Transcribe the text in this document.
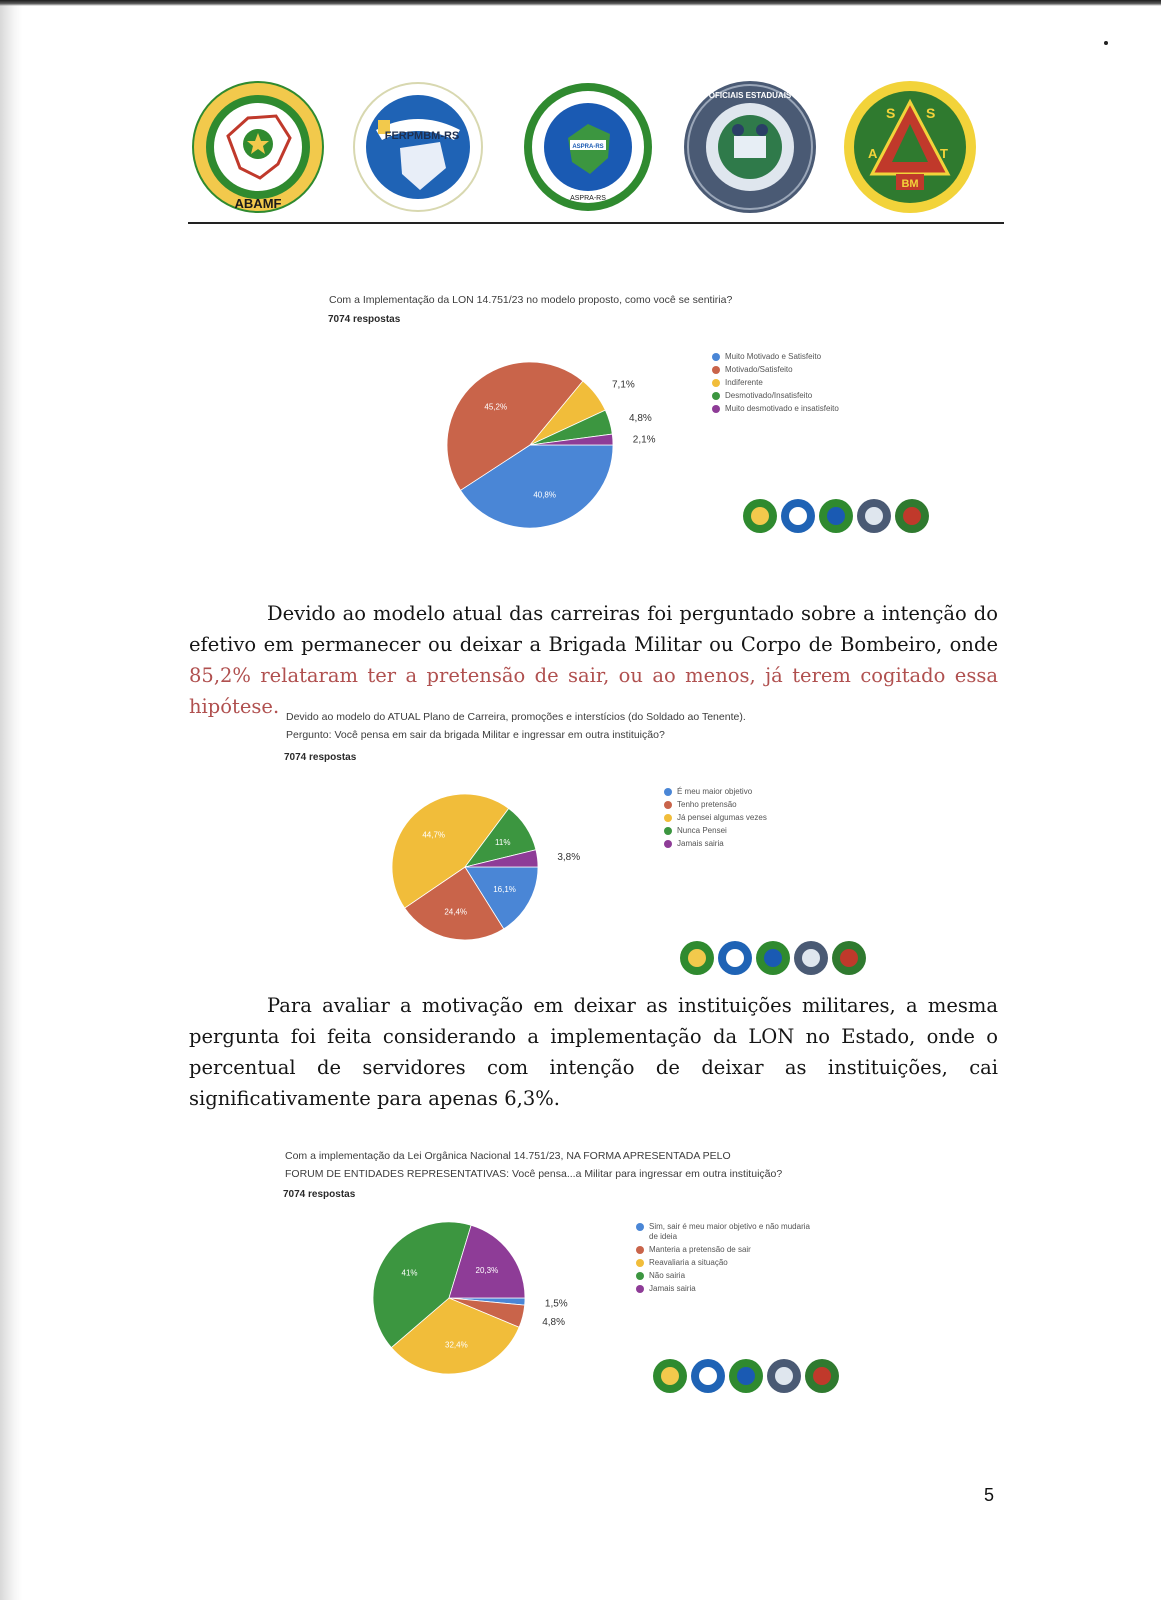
ABAMF
FERPMBM-RS
ASPRA-RS
ASPRA-RS
OFICIAIS ESTADUAIS
S S
A	T
BM
Com a Implementação da LON 14.751/23 no modelo proposto, como você se sentiria?
7074 respostas
40,8%
45,2%
7,1%
4,8%
2,1%
Muito Motivado e Satisfeito
Motivado/Satisfeito
Indiferente
Desmotivado/Insatisfeito
Muito desmotivado e insatisfeito
Devido ao modelo atual das carreiras foi perguntado sobre a intenção do efetivo em permanecer ou deixar a Brigada Militar ou Corpo de Bombeiro, onde 85,2% relataram ter a pretensão de sair, ou ao menos, já terem cogitado essa hipótese. Devido ao modelo do ATUAL Plano de Carreira, promoções e interstícios (do Soldado ao Tenente).
Pergunto: Você pensa em sair da brigada Militar e ingressar em outra instituição?
7074 respostas
16,1%
24,4%
44,7%
11%
3,8%
É meu maior objetivo
Tenho pretensão
Já pensei algumas vezes
Nunca Pensei
Jamais sairia
Para avaliar a motivação em deixar as instituições militares, a mesma pergunta foi feita considerando a implementação da LON no Estado, onde o percentual de servidores com intenção de deixar as instituições, cai significativamente para apenas 6,3%.
Com a implementação da Lei Orgânica Nacional 14.751/23, NA FORMA APRESENTADA PELO
FORUM DE ENTIDADES REPRESENTATIVAS: Você pensa...a Militar para ingressar em outra instituição?
7074 respostas
1,5%
4,8%
32,4%
41%	20,3%
Sim, sair é meu maior objetivo e não mudaria de ideia
Manteria a pretensão de sair
Reavaliaria a situação
Não sairia
Jamais sairia
5
